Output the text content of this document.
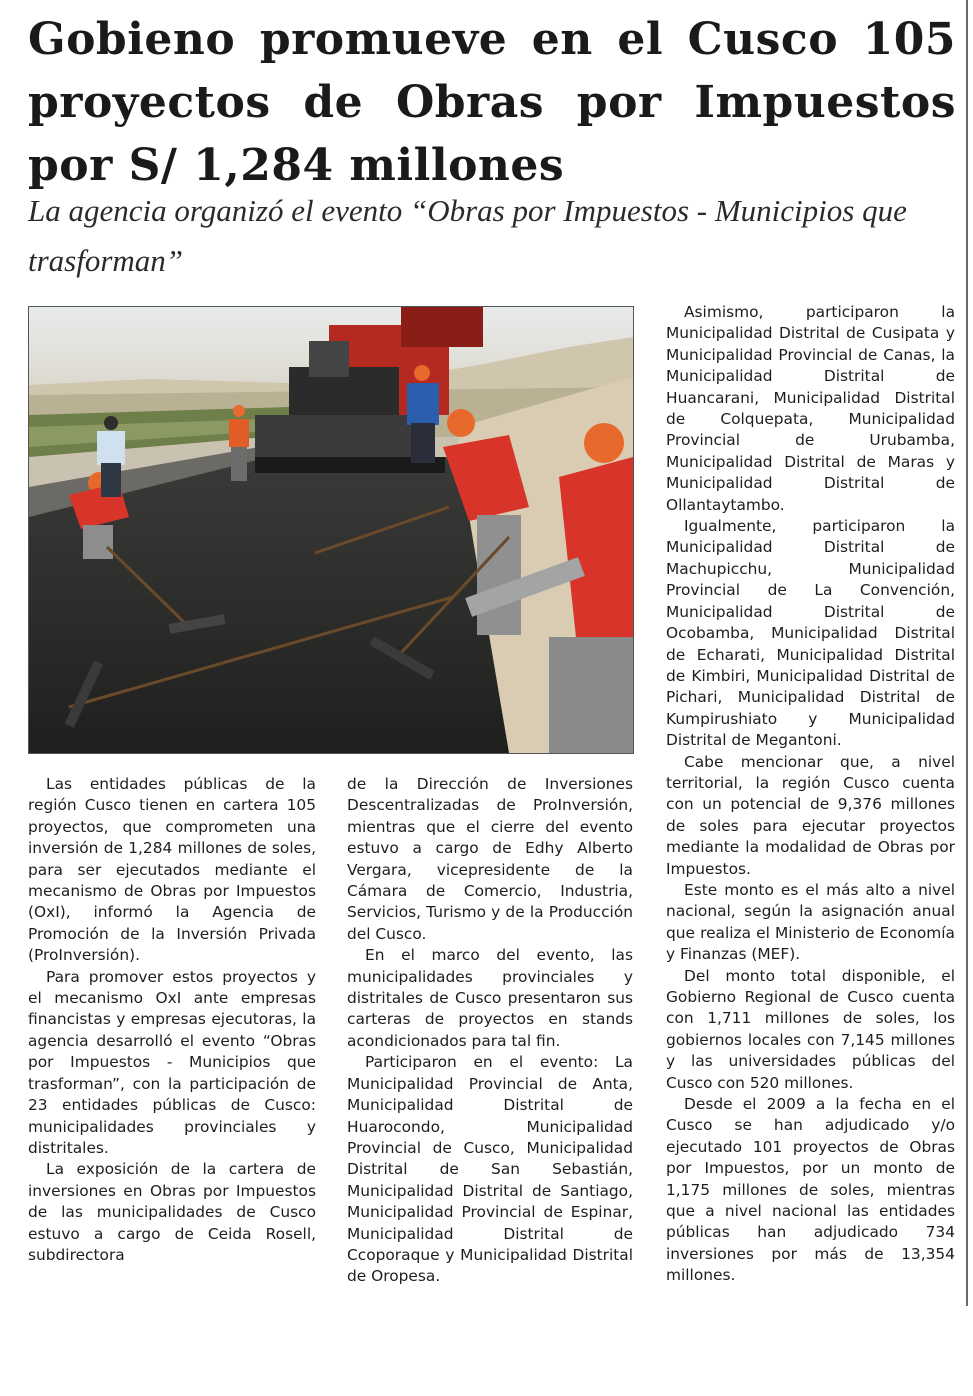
Gobieno promueve en el Cusco 105 proyectos de Obras por Impuestos por S/ 1,284 millones

La agencia organizó el evento “Obras por Impuestos - Municipios que trasforman”

Las entidades públicas de la región Cusco tienen en cartera 105 proyectos, que comprometen una inversión de 1,284 millones de soles, para ser ejecutados mediante el mecanismo de Obras por Impuestos (OxI), informó la Agencia de Promoción de la Inversión Privada (ProInversión).

Para promover estos proyectos y el mecanismo OxI ante empresas financistas y empresas ejecutoras, la agencia desarrolló el evento “Obras por Impuestos - Municipios que trasforman”, con la participación de 23 entidades públicas de Cusco: municipalidades provinciales y distritales.

La exposición de la cartera de inversiones en Obras por Impuestos de las municipalidades de Cusco estuvo a cargo de Ceida Rosell, subdirectora

de la Dirección de Inversiones Descentralizadas de ProInversión, mientras que el cierre del evento estuvo a cargo de Edhy Alberto Vergara, vicepresidente de la Cámara de Comercio, Industria, Servicios, Turismo y de la Producción del Cusco.

En el marco del evento, las municipalidades provinciales y distritales de Cusco presentaron sus carteras de proyectos en stands acondicionados para tal fin.

Participaron en el evento: La Municipalidad Provincial de Anta, Municipalidad Distrital de Huarocondo, Municipalidad Provincial de Cusco, Municipalidad Distrital de San Sebastián, Municipalidad Distrital de Santiago, Municipalidad Provincial de Espinar, Municipalidad Distrital de Ccoporaque y Municipalidad Distrital de Oropesa.

Asimismo, participaron la Municipalidad Distrital de Cusipata y Municipalidad Provincial de Canas, la Municipalidad Distrital de Huancarani, Municipalidad Distrital de Colquepata, Municipalidad Provincial de Urubamba, Municipalidad Distrital de Maras y Municipalidad Distrital de Ollantaytambo.

Igualmente, participaron la Municipalidad Distrital de Machupicchu, Municipalidad Provincial de La Convención, Municipalidad Distrital de Ocobamba, Municipalidad Distrital de Echarati, Municipalidad Distrital de Kimbiri, Municipalidad Distrital de Pichari, Municipalidad Distrital de Kumpirushiato y Municipalidad Distrital de Megantoni.

Cabe mencionar que, a nivel territorial, la región Cusco cuenta con un potencial de 9,376 millones de soles para ejecutar proyectos mediante la modalidad de Obras por Impuestos.

Este monto es el más alto a nivel nacional, según la asignación anual que realiza el Ministerio de Economía y Finanzas (MEF).

Del monto total disponible, el Gobierno Regional de Cusco cuenta con 1,711 millones de soles, los gobiernos locales con 7,145 millones y las universidades públicas del Cusco con 520 millones.

Desde el 2009 a la fecha en el Cusco se han adjudicado y/o ejecutado 101 proyectos de Obras por Impuestos, por un monto de 1,175 millones de soles, mientras que a nivel nacional las entidades públicas han adjudicado 734 inversiones por más de 13,354 millones.
